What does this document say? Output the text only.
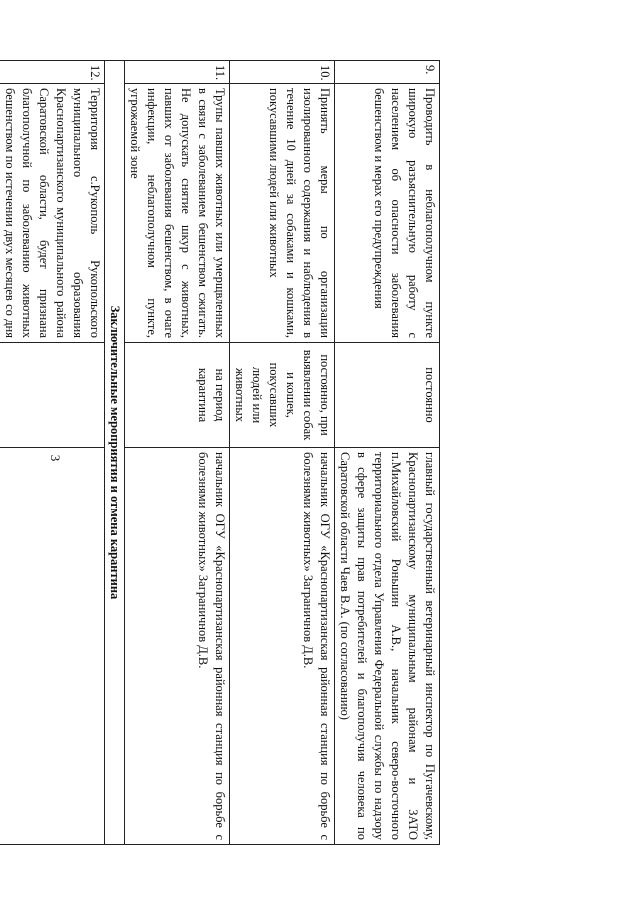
3
9.	Проводить в неблагополучном пункте широкую разъяснительную работу с населением об опасности заболевания бешенством и мерах его предупреждения	постоянно	главный государственный ветеринарный инспектор по Пугачевскому, Краснопартизанскому муниципальным районам и ЗАТО п.Михайловский Роньшин А.В., начальник северо-восточного территориального отдела Управления Федеральной службы по надзору в сфере защиты прав потребителей и благополучия человека по Саратовской области Чаев В.А. (по согласованию)
10.	Принять меры по организации изолированного содержания и наблюдения в течение 10 дней за собаками и кошками, покусавшими людей или животных	постоянно, при выявлении собак и кошек, покусавших людей или животных	начальник ОГУ «Краснопартизанская районная станция по борьбе с болезнями животных» Заграничнов Д.В.
11.	Трупы павших животных или умерщвленных в связи с заболеванием бешенством сжигать. Не допускать снятие шкур с животных, павших от заболевания бешенством, в очаге инфекции, неблагополучном пункте, угрожаемой зоне	на период карантина	начальник ОГУ «Краснопартизанская районная станция по борьбе с болезнями животных» Заграничнов Д.В.
Заключительные мероприятия и отмена карантина			
12.	Территория с.Рукополь Рукопольского муниципального образования Краснопартизанского муниципального района Саратовской области, будет признана благополучной по заболеванию животных бешенством по истечении двух месяцев со дня		
